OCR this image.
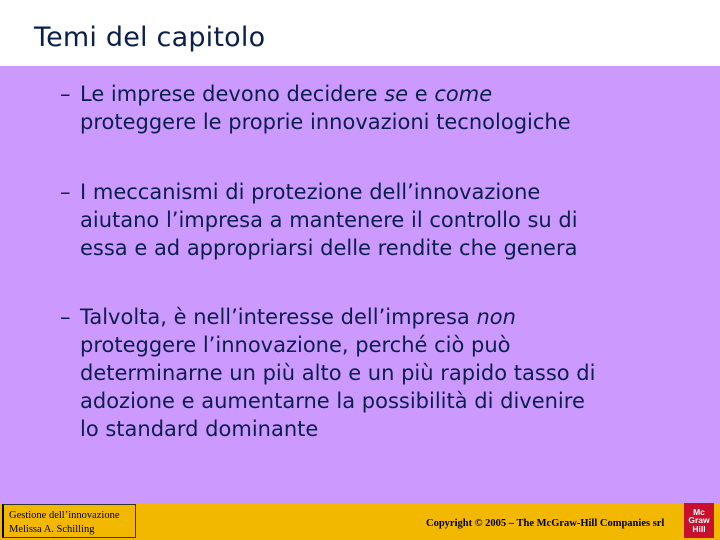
Temi del capitolo
– Le imprese devono decidere se e come
proteggere le proprie innovazioni tecnologiche
– I meccanismi di protezione dell’innovazione
aiutano l’impresa a mantenere il controllo su di
essa e ad appropriarsi delle rendite che genera
– Talvolta, è nell’interesse dell’impresa non
proteggere l’innovazione, perché ciò può
determinarne un più alto e un più rapido tasso di
adozione e aumentarne la possibilità di divenire
lo standard dominante
Gestione dell’innovazione
Melissa A. Schilling
Copyright © 2005 – The McGraw-Hill Companies srl
Mc
Graw
Hill
